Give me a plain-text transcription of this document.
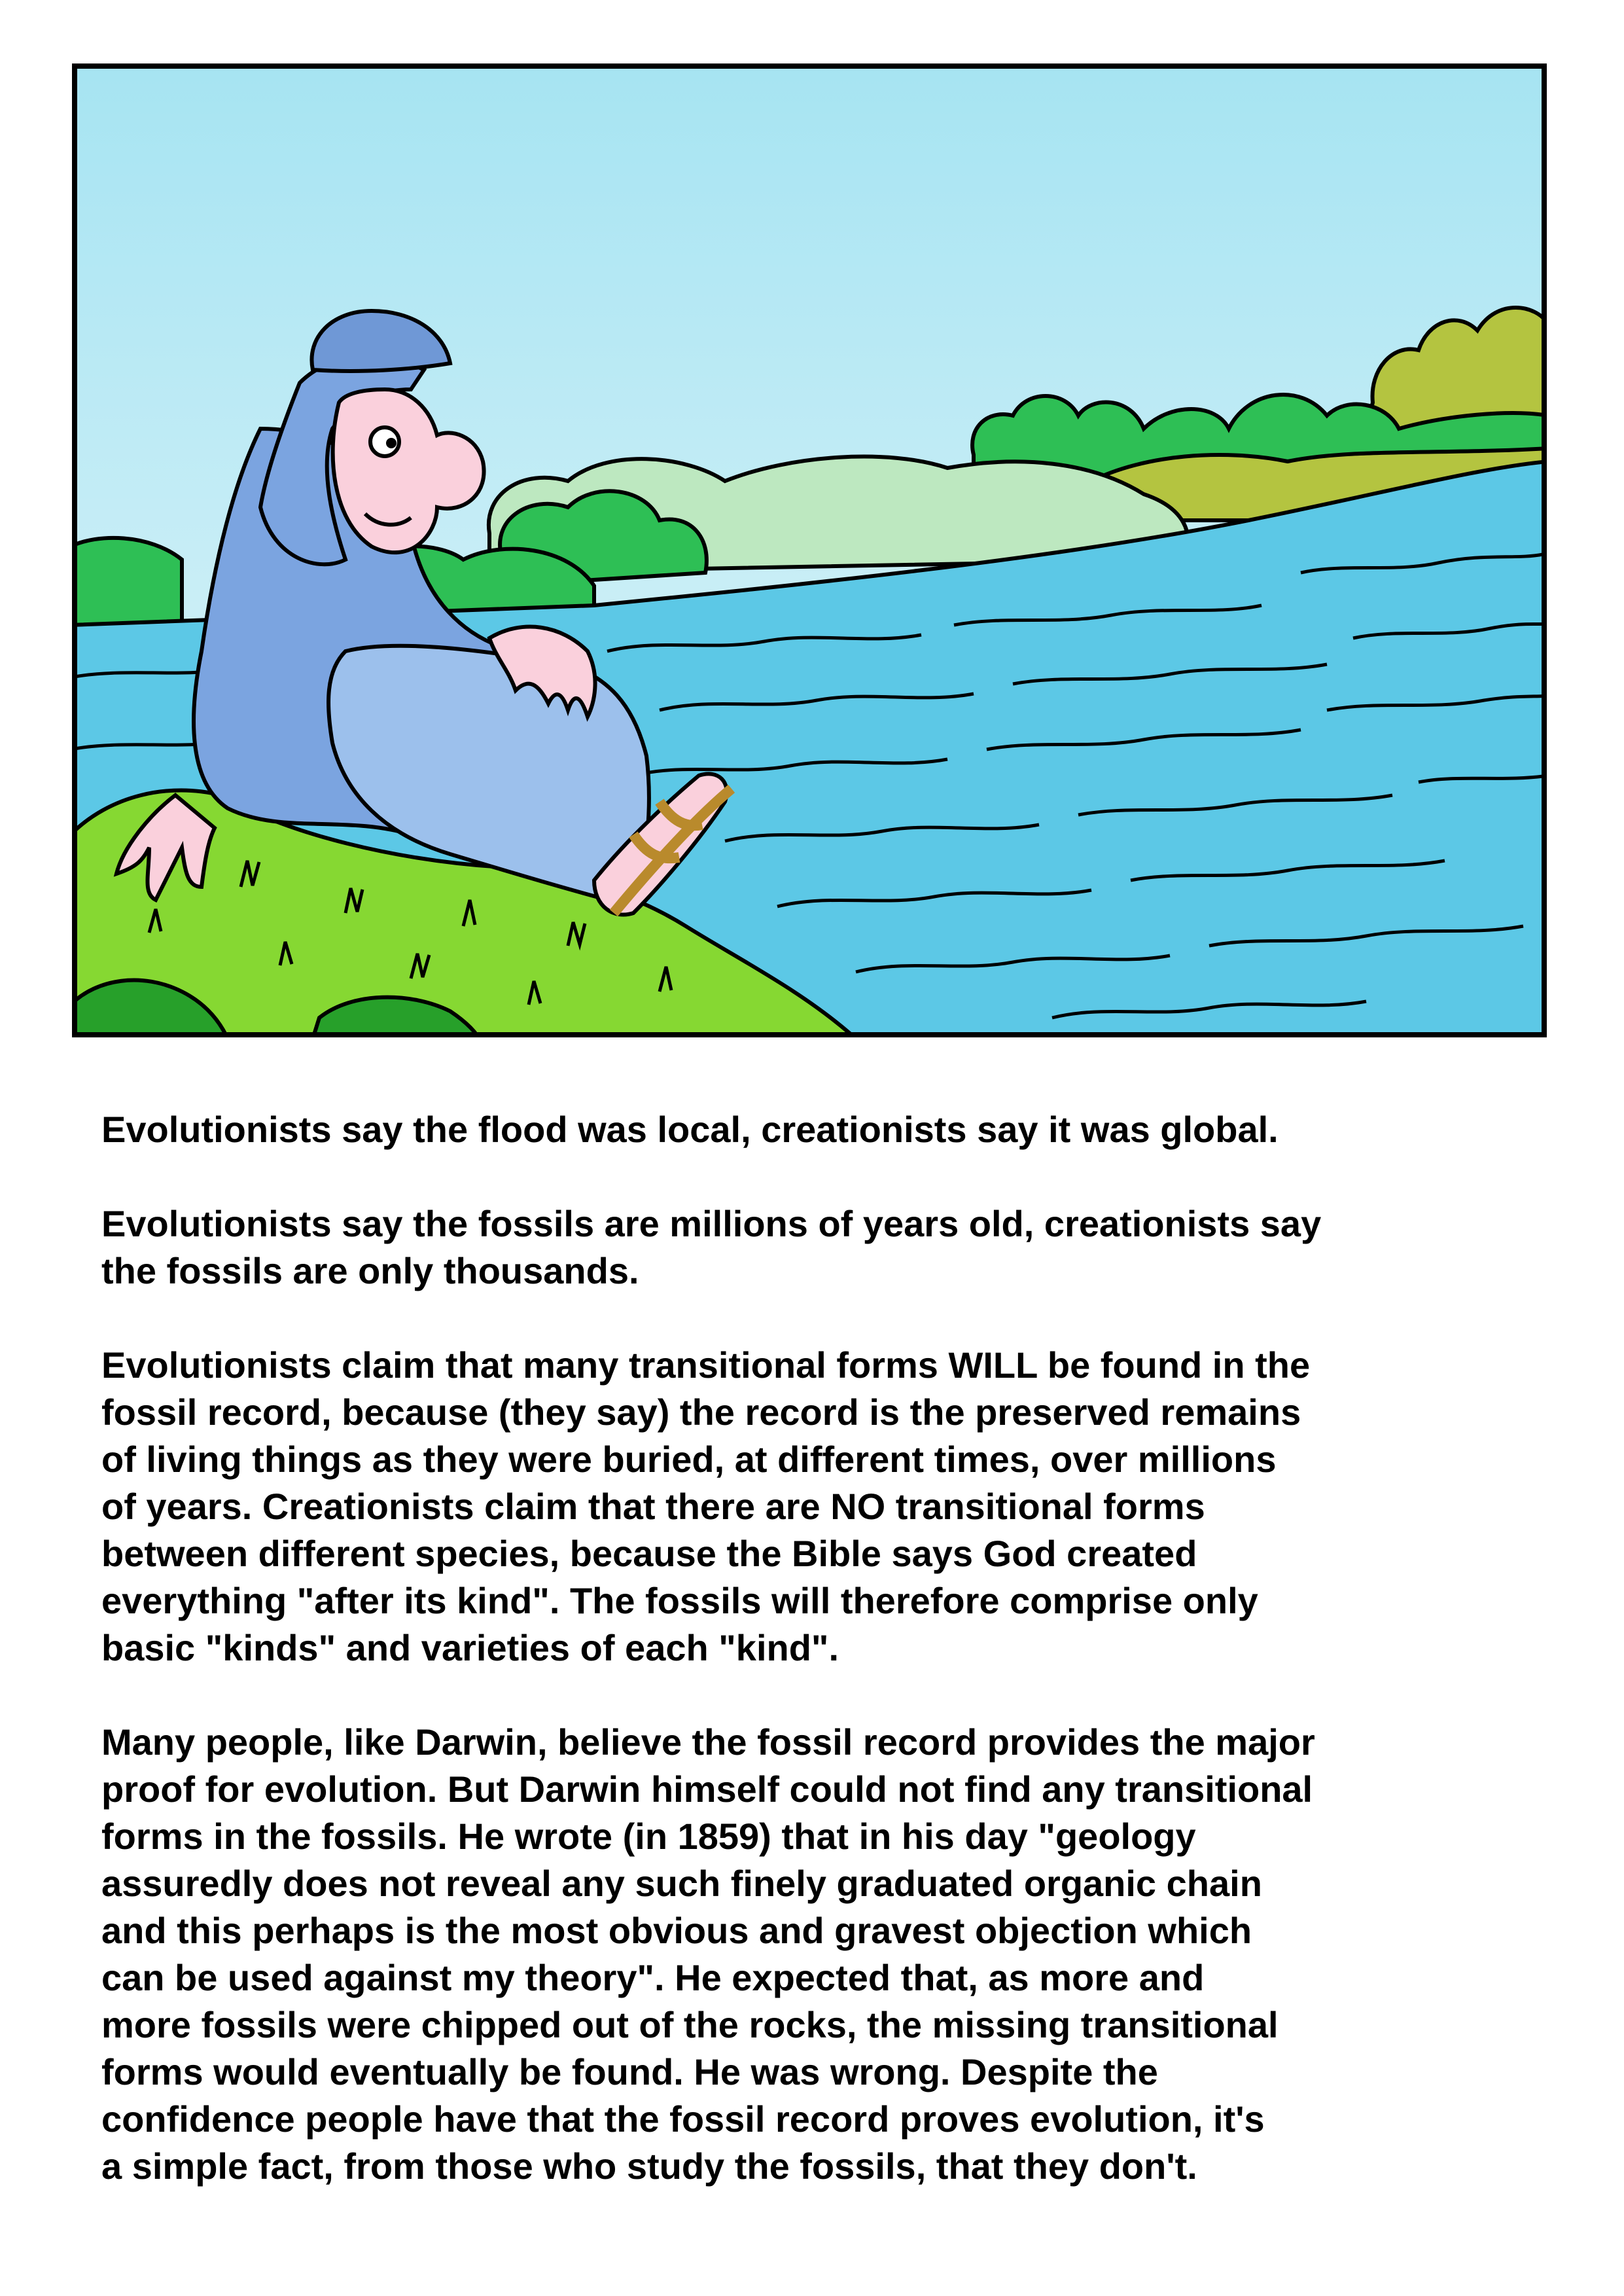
Evolutionists say the flood was local, creationists say it was global.

Evolutionists say the fossils are millions of years old, creationists say
the fossils are only thousands.

Evolutionists claim that many transitional forms WILL be found in the
fossil record, because (they say) the record is the preserved remains
of living things as they were buried, at different times, over millions
of years. Creationists claim that there are NO transitional forms
between different species, because the Bible says God created
everything "after its kind". The fossils will therefore comprise only
basic "kinds" and varieties of each "kind".

Many people, like Darwin, believe the fossil record provides the major
proof for evolution. But Darwin himself could not find any transitional
forms in the fossils. He wrote (in 1859) that in his day "geology
assuredly does not reveal any such finely graduated organic chain
and this perhaps is the most obvious and gravest objection which
can be used against my theory". He expected that, as more and
more fossils were chipped out of the rocks, the missing transitional
forms would eventually be found. He was wrong. Despite the
confidence people have that the fossil record proves evolution, it's
a simple fact, from those who study the fossils, that they don't.
